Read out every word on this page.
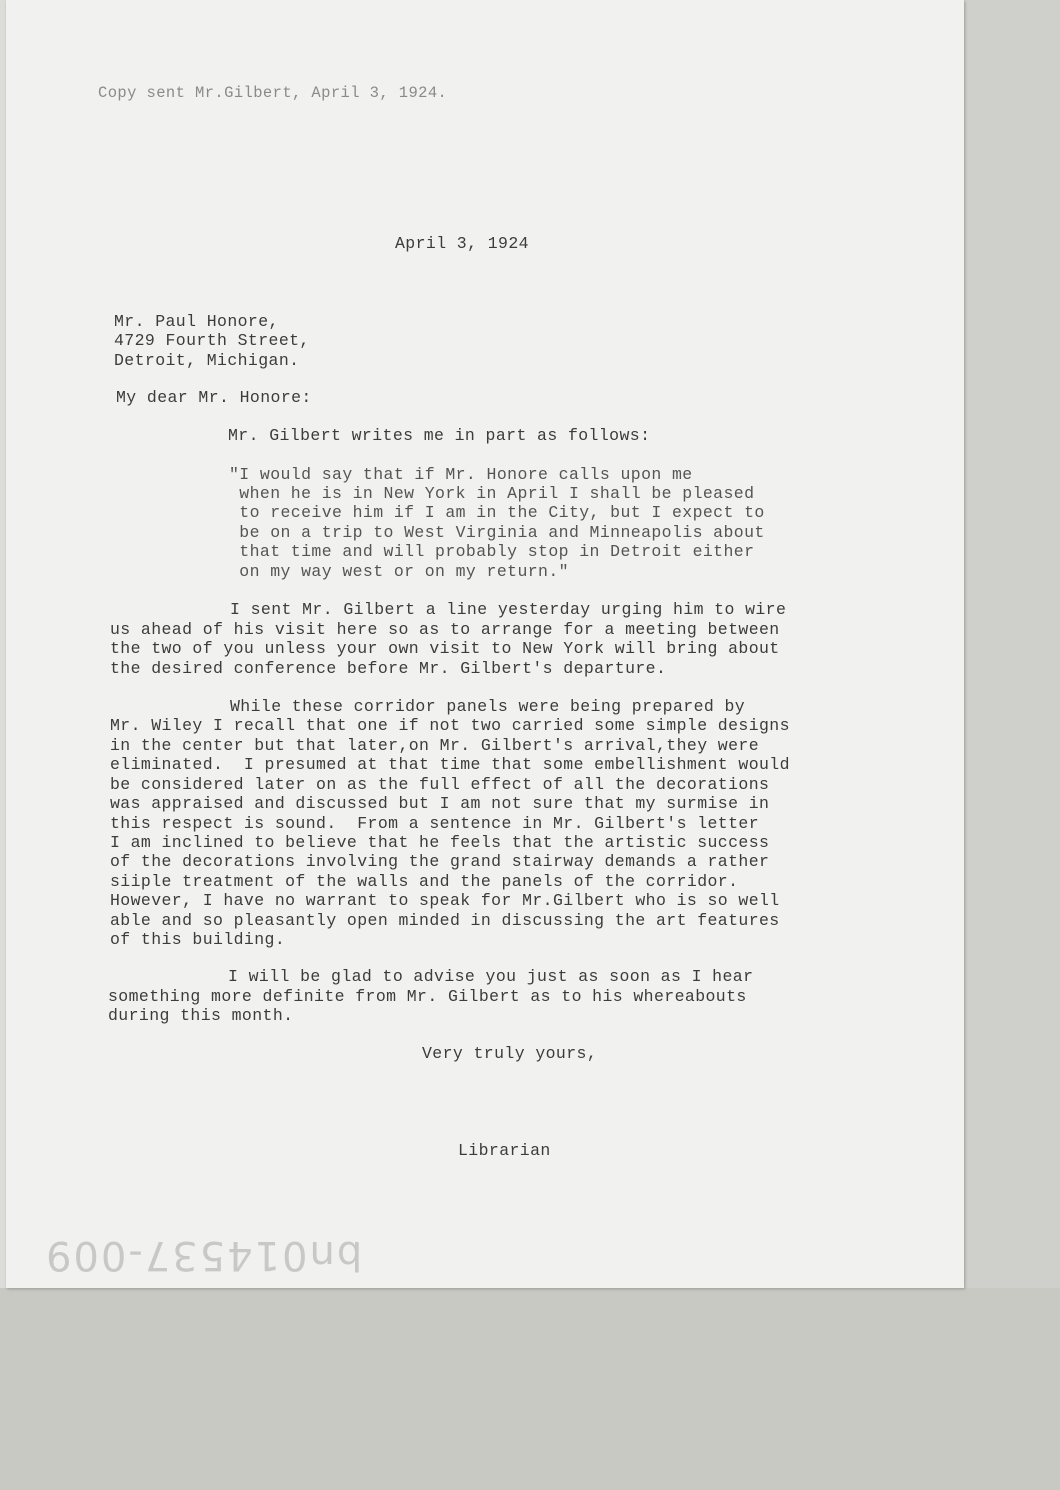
Copy sent Mr.Gilbert, April 3, 1924.

April 3, 1924

Mr. Paul Honore,

4729 Fourth Street,

Detroit, Michigan.

My dear Mr. Honore:

Mr. Gilbert writes me in part as follows:

"I would say that if Mr. Honore calls upon me

when he is in New York in April I shall be pleased

to receive him if I am in the City, but I expect to

be on a trip to West Virginia and Minneapolis about

that time and will probably stop in Detroit either

on my way west or on my return."

I sent Mr. Gilbert a line yesterday urging him to wire

us ahead of his visit here so as to arrange for a meeting between

the two of you unless your own visit to New York will bring about

the desired conference before Mr. Gilbert's departure.

While these corridor panels were being prepared by

Mr. Wiley I recall that one if not two carried some simple designs

in the center but that later,on Mr. Gilbert's arrival,they were

eliminated.  I presumed at that time that some embellishment would

be considered later on as the full effect of all the decorations

was appraised and discussed but I am not sure that my surmise in

this respect is sound.  From a sentence in Mr. Gilbert's letter

I am inclined to believe that he feels that the artistic success

of the decorations involving the grand stairway demands a rather

siiple treatment of the walls and the panels of the corridor.

However, I have no warrant to speak for Mr.Gilbert who is so well

able and so pleasantly open minded in discussing the art features

of this building.

I will be glad to advise you just as soon as I hear

something more definite from Mr. Gilbert as to his whereabouts

during this month.

Very truly yours,

Librarian

bn014537-009
